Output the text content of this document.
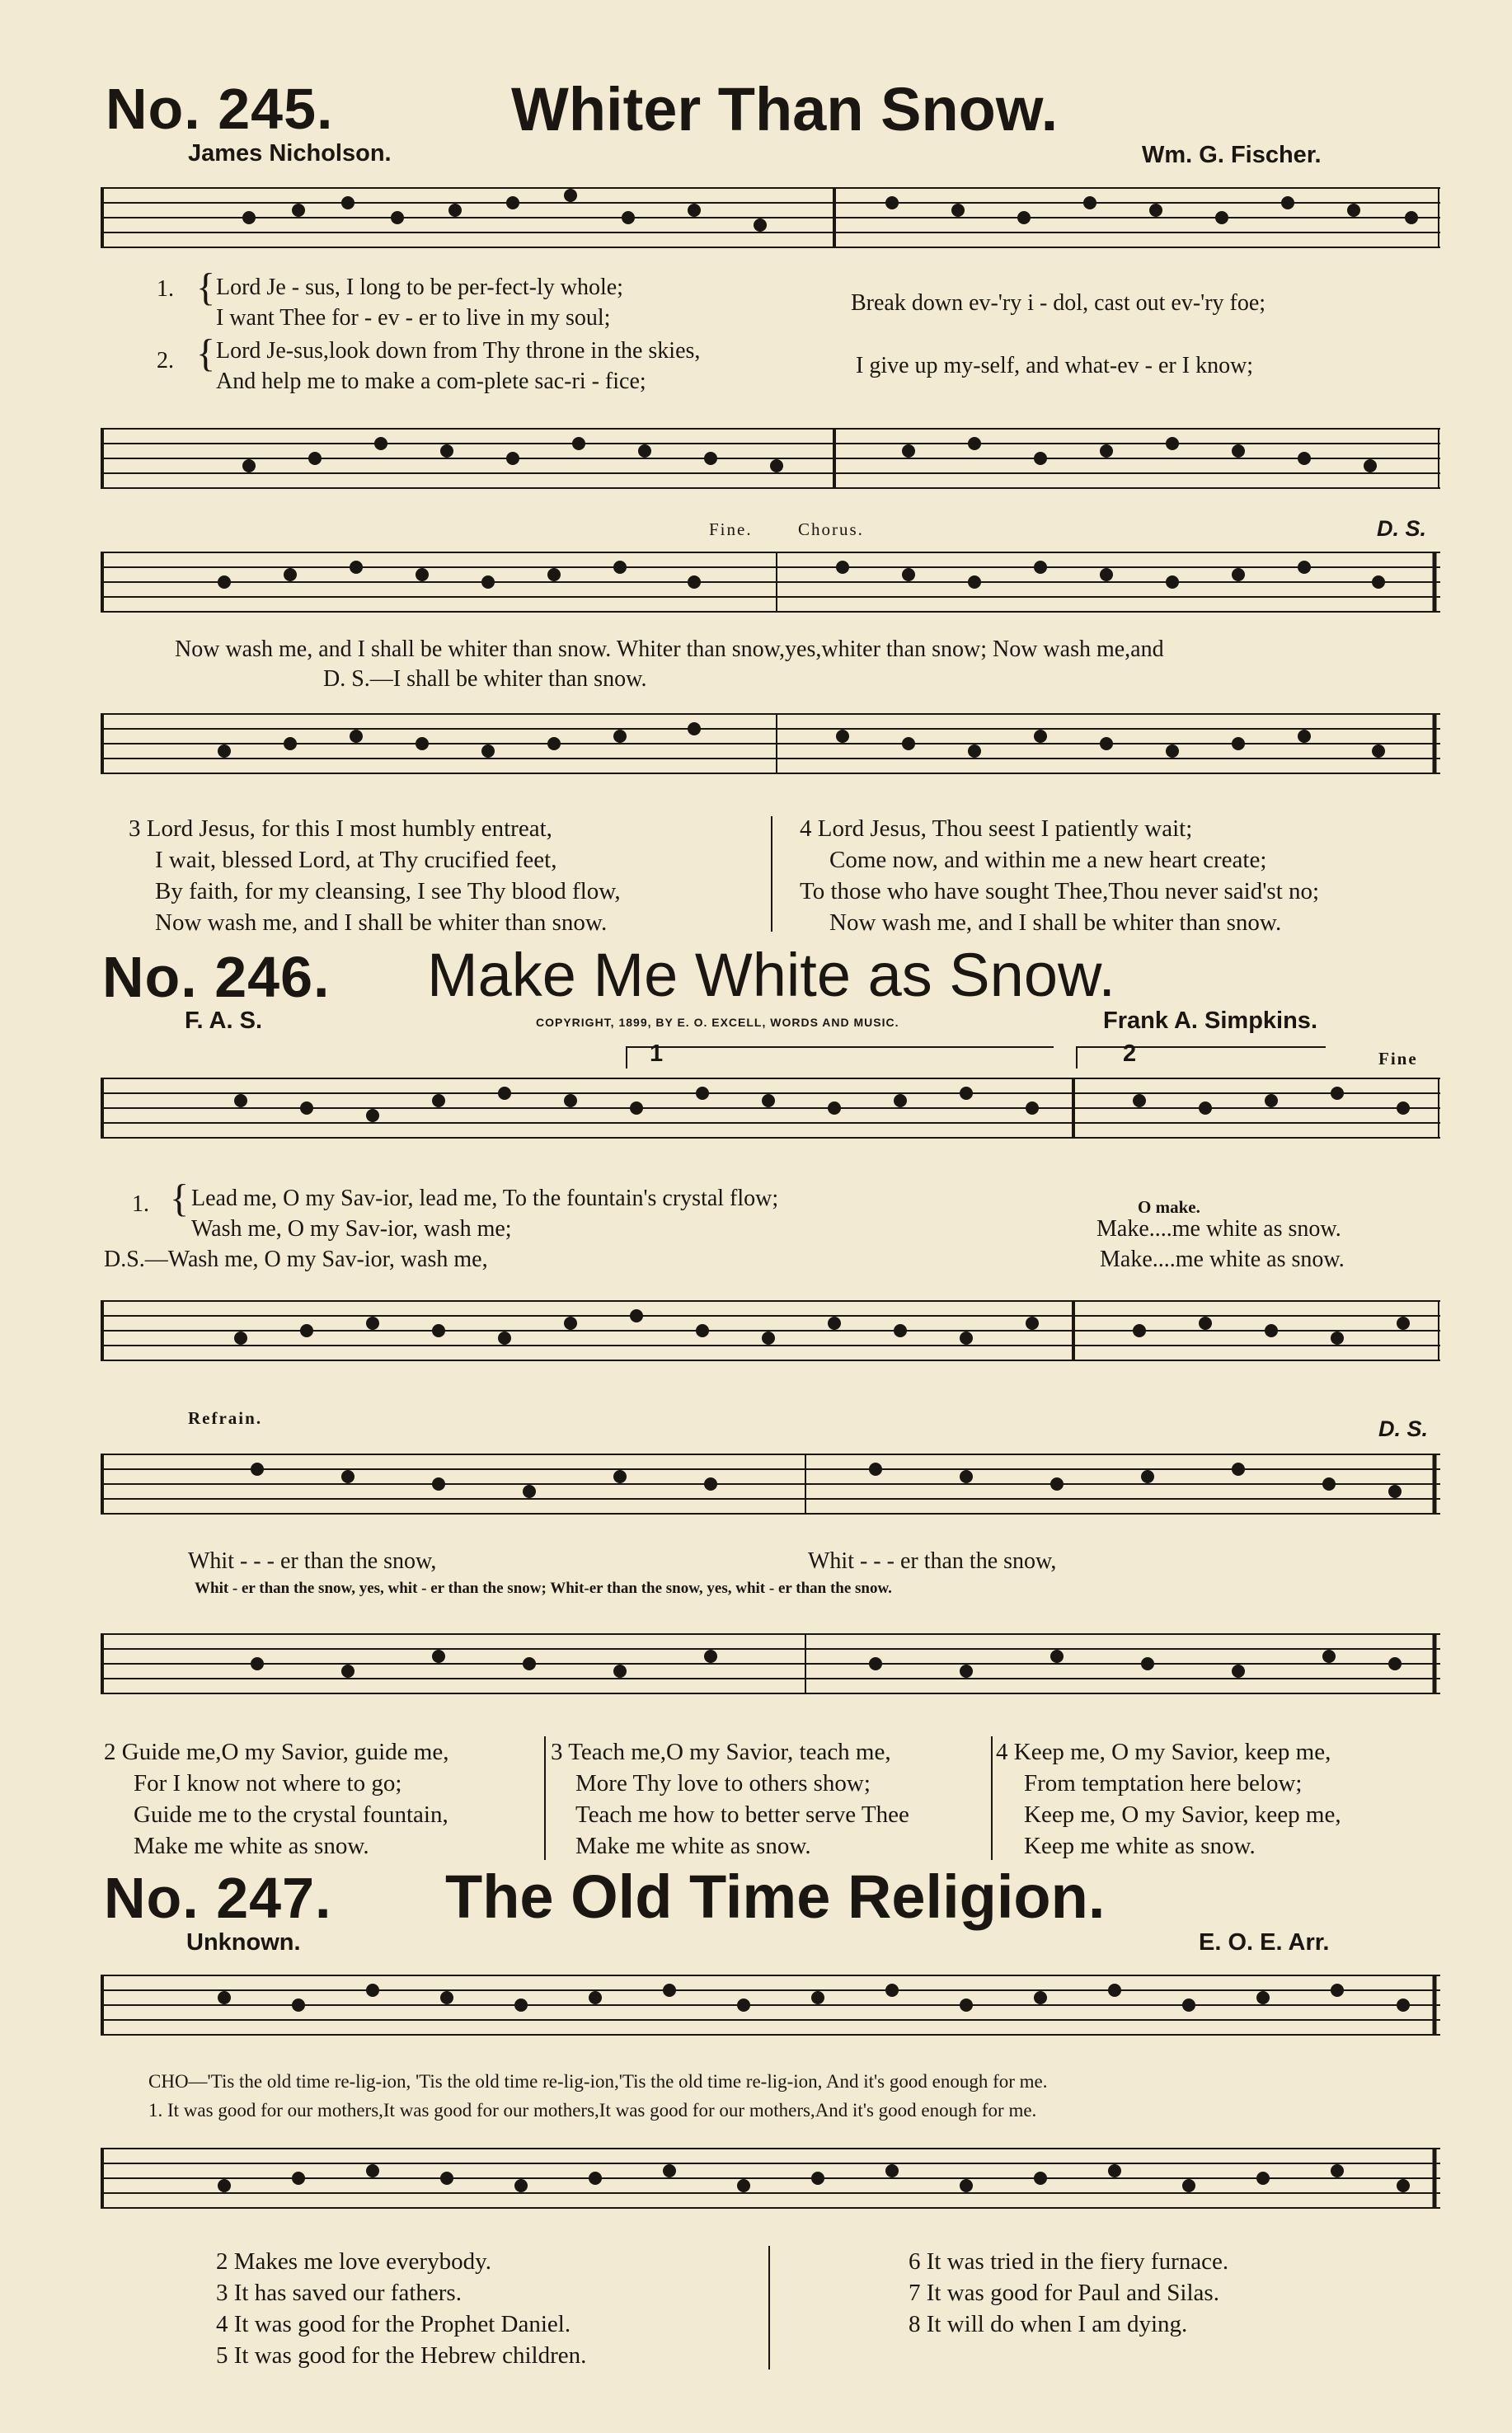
No. 245.	Whiter Than Snow.
James Nicholson.	Wm. G. Fischer.
1. { Lord Je - sus, I long to be per-fect-ly whole;
I want Thee for - ev - er to live in my soul;
Break down ev-'ry i - dol, cast out ev-'ry foe;
2. { Lord Je-sus,look down from Thy throne in the skies,
And help me to make a com-plete sac-ri - fice;
I give up my-self, and what-ev - er I know;
Fine.	Chorus.	D. S.
Now wash me, and I shall be whiter than snow. Whiter than snow,yes,whiter than snow; Now wash me,and
D. S.—I shall be whiter than snow.
3 Lord Jesus, for this I most humbly entreat,
I wait, blessed Lord, at Thy crucified feet,
By faith, for my cleansing, I see Thy blood flow,
Now wash me, and I shall be whiter than snow.
4 Lord Jesus, Thou seest I patiently wait;
Come now, and within me a new heart create;
To those who have sought Thee,Thou never said'st no;
Now wash me, and I shall be whiter than snow.
No. 246. Make Me White as Snow.
F. A. S.	COPYRIGHT, 1899, BY E. O. EXCELL, WORDS AND MUSIC.	Frank A. Simpkins.
1	2	Fine
1. { Lead me, O my Sav-ior, lead me, To the fountain's crystal flow;
Wash me, O my Sav-ior, wash me;
D.S.—Wash me, O my Sav-ior, wash me,
O make.
Make....me white as snow.
Make....me white as snow.
Refrain.	D. S.
Whit - - - er than the snow,	Whit - - - er than the snow,
Whit - er than the snow, yes, whit - er than the snow; Whit-er than the snow, yes, whit - er than the snow.
2 Guide me,O my Savior, guide me,
For I know not where to go;
Guide me to the crystal fountain,
Make me white as snow.
3 Teach me,O my Savior, teach me,
More Thy love to others show;
Teach me how to better serve Thee
Make me white as snow.
4 Keep me, O my Savior, keep me,
From temptation here below;
Keep me, O my Savior, keep me,
Keep me white as snow.
No. 247. The Old Time Religion.
Unknown.	E. O. E. Arr.
CHO—'Tis the old time re-lig-ion, 'Tis the old time re-lig-ion,'Tis the old time re-lig-ion, And it's good enough for me.
1. It was good for our mothers,It was good for our mothers,It was good for our mothers,And it's good enough for me.
2 Makes me love everybody.
3 It has saved our fathers.
4 It was good for the Prophet Daniel.
5 It was good for the Hebrew children.
6 It was tried in the fiery furnace.
7 It was good for Paul and Silas.
8 It will do when I am dying.
